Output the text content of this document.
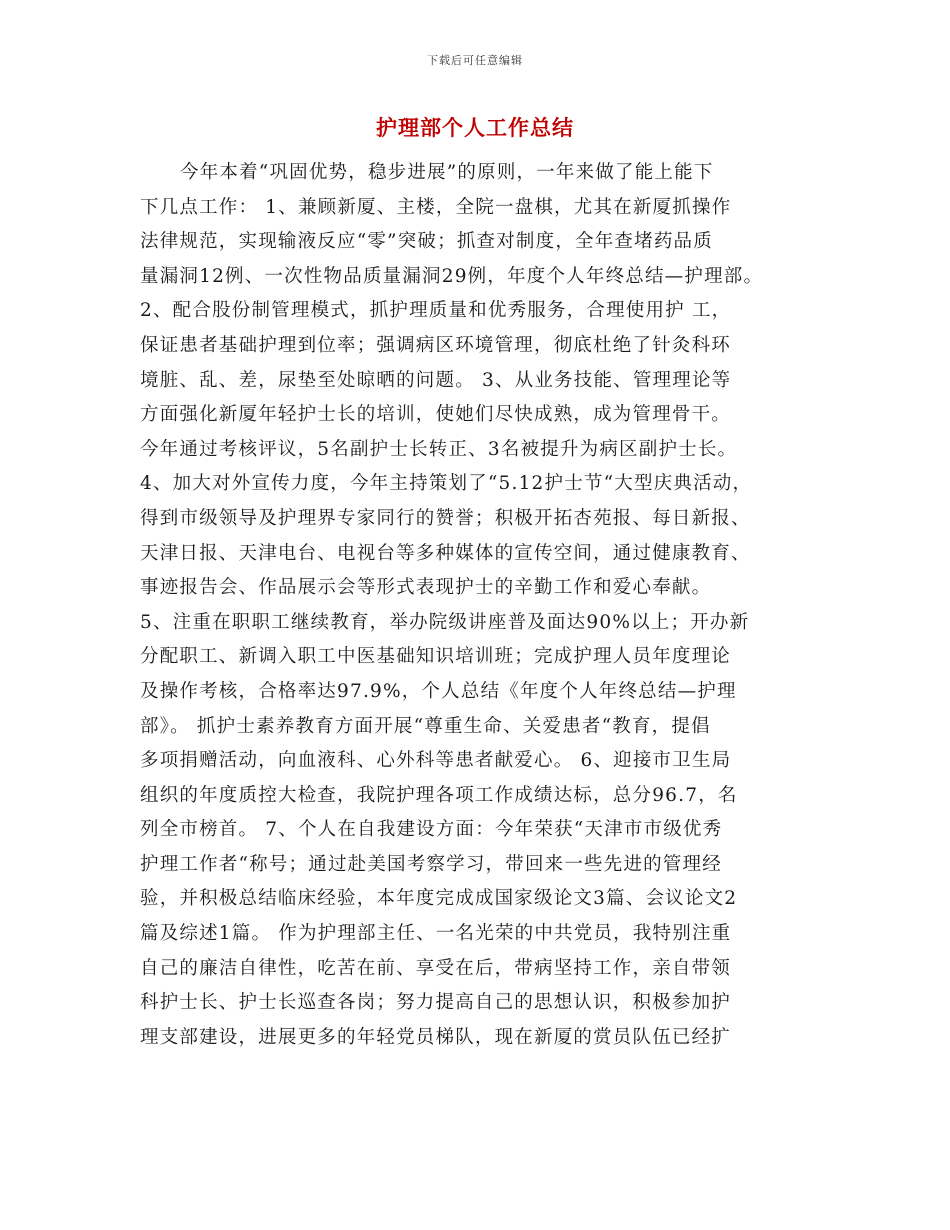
下载后可任意编辑
护理部个人工作总结
今年本着“巩固优势，稳步进展”的原则，一年来做了能上能下
下几点工作： 1、兼顾新厦、主楼，全院一盘棋，尤其在新厦抓操作
法律规范，实现输液反应“零”突破；抓查对制度，全年查堵药品质
量漏洞12例、一次性物品质量漏洞29例，年度个人年终总结—护理部。
2、配合股份制管理模式，抓护理质量和优秀服务，合理使用护 工，
保证患者基础护理到位率；强调病区环境管理，彻底杜绝了针灸科环
境脏、乱、差，尿垫至处晾晒的问题。 3、从业务技能、管理理论等
方面强化新厦年轻护士长的培训，使她们尽快成熟，成为管理骨干。
今年通过考核评议，5名副护士长转正、3名被提升为病区副护士长。
4、加大对外宣传力度，今年主持策划了“5.12护士节“大型庆典活动，
得到市级领导及护理界专家同行的赞誉；积极开拓杏苑报、每日新报、
天津日报、天津电台、电视台等多种媒体的宣传空间，通过健康教育、
事迹报告会、作品展示会等形式表现护士的辛勤工作和爱心奉献。
5、注重在职职工继续教育，举办院级讲座普及面达90%以上；开办新
分配职工、新调入职工中医基础知识培训班；完成护理人员年度理论
及操作考核，合格率达97.9%，个人总结《年度个人年终总结—护理
部》。 抓护士素养教育方面开展“尊重生命、关爱患者“教育，提倡
多项捐赠活动，向血液科、心外科等患者献爱心。 6、迎接市卫生局
组织的年度质控大检查，我院护理各项工作成绩达标，总分96.7，名
列全市榜首。 7、个人在自我建设方面：今年荣获“天津市市级优秀
护理工作者“称号；通过赴美国考察学习，带回来一些先进的管理经
验，并积极总结临床经验，本年度完成成国家级论文3篇、会议论文2
篇及综述1篇。 作为护理部主任、一名光荣的中共党员，我特别注重
自己的廉洁自律性，吃苦在前、享受在后，带病坚持工作，亲自带领
科护士长、护士长巡查各岗；努力提高自己的思想认识，积极参加护
理支部建设，进展更多的年轻党员梯队，现在新厦的赏员队伍已经扩
